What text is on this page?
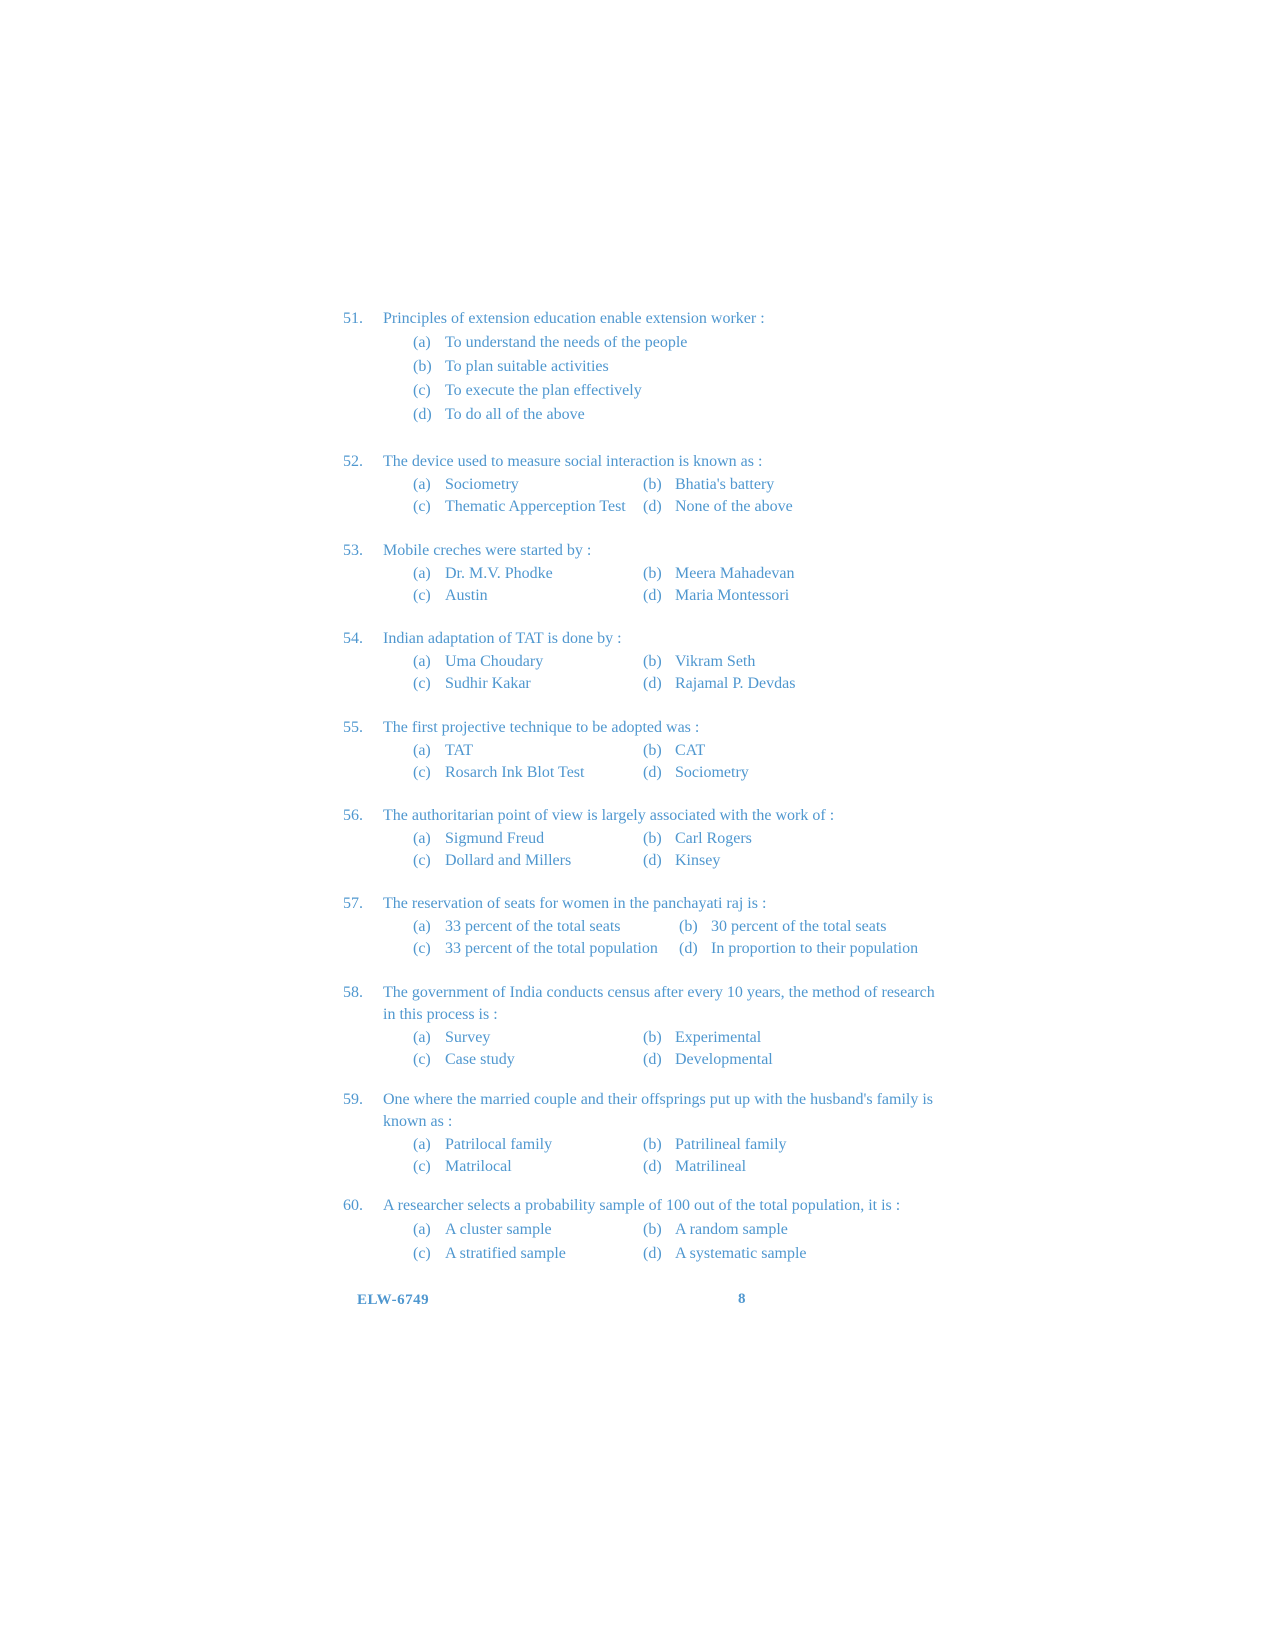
51.	Principles of extension education enable extension worker :
(a) To understand the needs of the people
(b) To plan suitable activities
(c) To execute the plan effectively
(d) To do all of the above
52.	The device used to measure social interaction is known as :
(a) Sociometry	(b) Bhatia's battery
(c) Thematic Apperception Test (d) None of the above
53.	Mobile creches were started by :
(a) Dr. M.V. Phodke	(b) Meera Mahadevan
(c) Austin	(d) Maria Montessori
54.	Indian adaptation of TAT is done by :
(a) Uma Choudary	(b) Vikram Seth
(c) Sudhir Kakar	(d) Rajamal P. Devdas
55.	The first projective technique to be adopted was :
(a) TAT	(b) CAT
(c) Rosarch Ink Blot Test	(d) Sociometry
56.	The authoritarian point of view is largely associated with the work of :
(a) Sigmund Freud	(b) Carl Rogers
(c) Dollard and Millers	(d) Kinsey
57.	The reservation of seats for women in the panchayati raj is :
(a) 33 percent of the total seats	(b) 30 percent of the total seats
(c) 33 percent of the total population (d) In proportion to their population
58.	The government of India conducts census after every 10 years, the method of research in this process is :
(a) Survey	(b) Experimental
(c) Case study	(d) Developmental
59.	One where the married couple and their offsprings put up with the husband's family is known as :
(a) Patrilocal family	(b) Patrilineal family
(c) Matrilocal	(d) Matrilineal
60.	A researcher selects a probability sample of 100 out of the total population, it is :
(a) A cluster sample	(b) A random sample
(c) A stratified sample	(d) A systematic sample
ELW-6749	8
